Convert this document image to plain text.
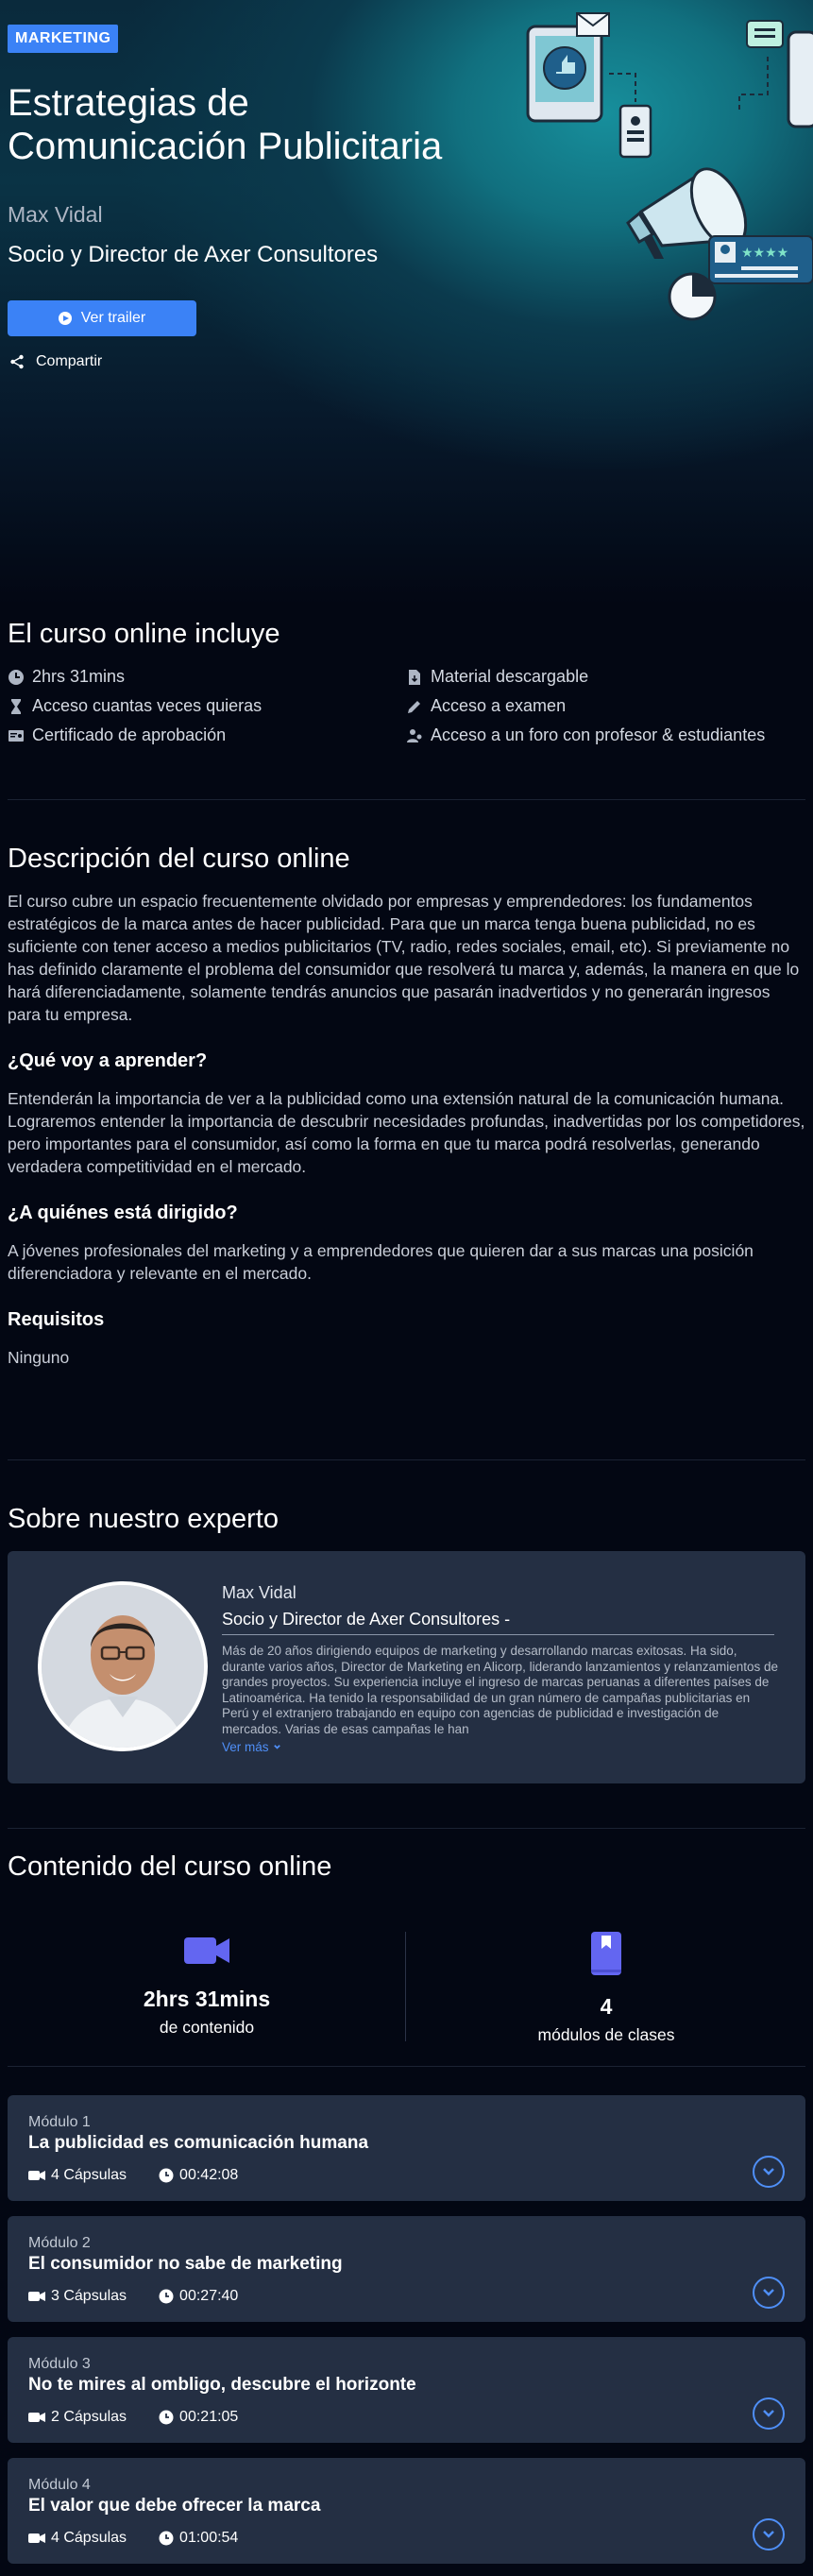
★★★★
MARKETING
Estrategias de Comunicación Publicitaria
Max Vidal
Socio y Director de Axer Consultores
Ver trailer
Compartir
El curso online incluye
2hrs 31mins	Material descargable
Acceso cuantas veces quieras	Acceso a examen
Certificado de aprobación	Acceso a un foro con profesor & estudiantes
Descripción del curso online

El curso cubre un espacio frecuentemente olvidado por empresas y emprendedores: los fundamentos estratégicos de la marca antes de hacer publicidad. Para que un marca tenga buena publicidad, no es suficiente con tener acceso a medios publicitarios (TV, radio, redes sociales, email, etc). Si previamente no has definido claramente el problema del consumidor que resolverá tu marca y, además, la manera en que lo hará diferenciadamente, solamente tendrás anuncios que pasarán inadvertidos y no generarán ingresos para tu empresa.

¿Qué voy a aprender?

Entenderán la importancia de ver a la publicidad como una extensión natural de la comunicación humana. Lograremos entender la importancia de descubrir necesidades profundas, inadvertidas por los competidores, pero importantes para el consumidor, así como la forma en que tu marca podrá resolverlas, generando verdadera competitividad en el mercado.

¿A quiénes está dirigido?

A jóvenes profesionales del marketing y a emprendedores que quieren dar a sus marcas una posición diferenciadora y relevante en el mercado.

Requisitos

Ninguno

Sobre nuestro experto
Max Vidal
Socio y Director de Axer Consultores -
Más de 20 años dirigiendo equipos de marketing y desarrollando marcas exitosas. Ha sido, durante varios años, Director de Marketing en Alicorp, liderando lanzamientos y relanzamientos de grandes proyectos. Su experiencia incluye el ingreso de marcas peruanas a diferentes países de Latinoamérica. Ha tenido la responsabilidad de un gran número de campañas publicitarias en Perú y el extranjero trabajando en equipo con agencias de publicidad e investigación de mercados. Varias de esas campañas le han
Ver más
Contenido del curso online
2hrs 31mins
de contenido
4
módulos de clases
Módulo 1
La publicidad es comunicación humana
4 Cápsulas	00:42:08
Módulo 2
El consumidor no sabe de marketing
3 Cápsulas	00:27:40
Módulo 3
No te mires al ombligo, descubre el horizonte
2 Cápsulas	00:21:05
Módulo 4
El valor que debe ofrecer la marca
4 Cápsulas	01:00:54
